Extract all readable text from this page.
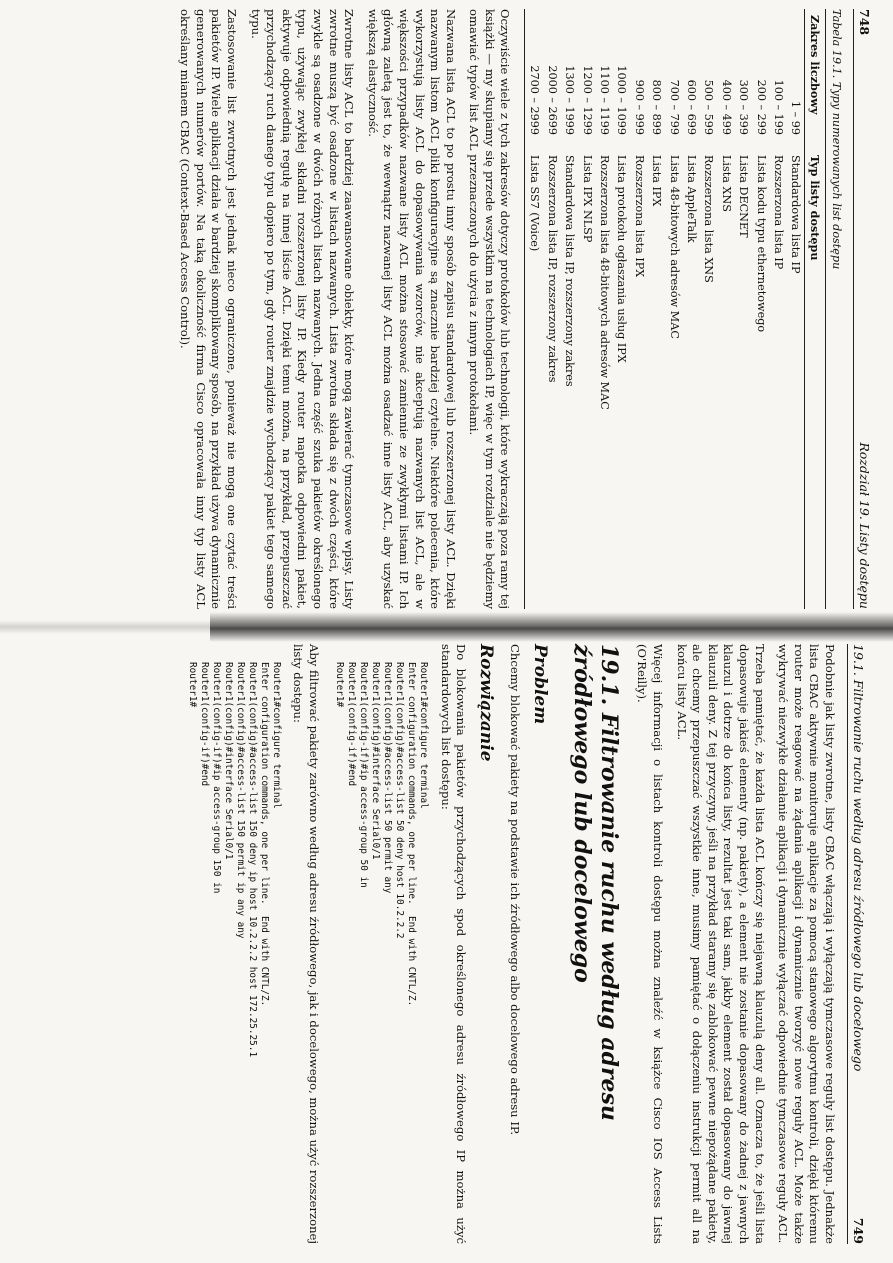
748
Rozdział 19. Listy dostępu
Tabela 19.1. Typy numerowanych list dostępu
Zakres liczbowy	Typ listy dostępu
1 – 99	Standardowa lista IP
100 – 199	Rozszerzona lista IP
200 – 299	Lista kodu typu ethernetowego
300 – 399	Lista DECNET
400 – 499	Lista XNS
500 – 599	Rozszerzona lista XNS
600 – 699	Lista AppleTalk
700 – 799	Lista 48-bitowych adresów MAC
800 – 899	Lista IPX
900 – 999	Rozszerzona lista IPX
1000 – 1099	Lista protokołu ogłaszania usług IPX
1100 – 1199	Rozszerzona lista 48-bitowych adresów MAC
1200 – 1299	Lista IPX NLSP
1300 – 1999	Standardowa lista IP, rozszerzony zakres
2000 – 2699	Rozszerzona lista IP, rozszerzony zakres
2700 – 2999	Lista SS7 (Voice)

Oczywiście wiele z tych zakresów dotyczy protokołów lub technologii, które wykraczają poza ramy tej książki — my skupiamy się przede wszystkim na technologiach IP, więc w tym rozdziale nie będziemy omawiać typów list ACL przeznaczonych do użycia z innym protokołami.

Nazwana lista ACL to po prostu inny sposób zapisu standardowej lub rozszerzonej listy ACL. Dzięki nazwanym listom ACL pliki konfiguracyjne są znacznie bardziej czytelne. Niektóre polecenia, które wykorzystują listy ACL do dopasowywania wzorców, nie akceptują nazwanych list ACL, ale w większości przypadków nazwane listy ACL można stosować zamiennie ze zwykłymi listami IP. Ich główną zaletą jest to, że wewnątrz nazwanej listy ACL można osadzać inne listy ACL, aby uzyskać większą elastyczność.

Zwrotne listy ACL to bardziej zaawansowane obiekty, które mogą zawierać tymczasowe wpisy. Listy zwrotne muszą być osadzone w listach nazwanych. Lista zwrotna składa się z dwóch części, które zwykle są osadzone w dwóch różnych listach nazwanych. Jedna część szuka pakietów określonego typu, używając zwykłej składni rozszerzonej listy IP. Kiedy router napotka odpowiedni pakiet, aktywuje odpowiednią regułę na innej liście ACL. Dzięki temu można, na przykład, przepuszczać przychodzący ruch danego typu dopiero po tym, gdy router znajdzie wychodzący pakiet tego samego typu.

Zastosowanie list zwrotnych jest jednak nieco ograniczone, ponieważ nie mogą one czytać treści pakietów IP. Wiele aplikacji działa w bardziej skomplikowany sposób, na przykład używa dynamicznie generowanych numerów portów. Na taką okoliczność firma Cisco opracowała inny typ listy ACL określany mianem CBAC (Context-Based Access Control).

19.1. Filtrowanie ruchu według adresu źródłowego lub docelowego
749

Podobnie jak listy zwrotne, listy CBAC włączają i wyłączają tymczasowe reguły list dostępu. Jednakże lista CBAC aktywnie monitoruje aplikacje za pomocą stanowego algorytmu kontroli, dzięki któremu router może reagować na żądania aplikacji i dynamicznie tworzyć nowe reguły ACL. Może także wykrywać niezwykłe działanie aplikacji i dynamicznie wyłączać odpowiednie tymczasowe reguły ACL.

Trzeba pamiętać, że każda lista ACL kończy się niejawną klauzulą deny all. Oznacza to, że jeśli lista dopasowuje jakieś elementy (np. pakiety), a element nie zostanie dopasowany do żadnej z jawnych klauzul i dotrze do końca listy, rezultat jest taki sam, jakby element został dopasowany do jawnej klauzuli deny. Z tej przyczyny, jeśli na przykład staramy się zablokować pewne niepożądane pakiety, ale chcemy przepuszczać wszystkie inne, musimy pamiętać o dołączeniu instrukcji permit all na końcu listy ACL.

Więcej informacji o listach kontroli dostępu można znaleźć w książce Cisco IOS Access Lists (O'Reilly).

19.1. Filtrowanie ruchu według adresu źródłowego lub docelowego
Problem

Chcemy blokować pakiety na podstawie ich źródłowego albo docelowego adresu IP.

Rozwiązanie

Do blokowania pakietów przychodzących spod określonego adresu źródłowego IP można użyć standardowych list dostępu:

Router1#configure terminal
Enter configuration commands, one per line.  End with CNTL/Z.
Router1(config)#access-list 50 deny host 10.2.2.2
Router1(config)#access-list 50 permit any
Router1(config)#interface Serial0/1
Router1(config-if)#ip access-group 50 in
Router1(config-if)#end
Router1#

Aby filtrować pakiety zarówno według adresu źródłowego, jak i docelowego, można użyć rozszerzonej listy dostępu:

Router1#configure terminal
Enter configuration commands, one per line.  End with CNTL/Z.
Router1(config)#access-list 150 deny ip host 10.2.2.2 host 172.25.25.1
Router1(config)#access-list 150 permit ip any any
Router1(config)#interface Serial0/1
Router1(config-if)#ip access-group 150 in
Router1(config-if)#end
Router1#
